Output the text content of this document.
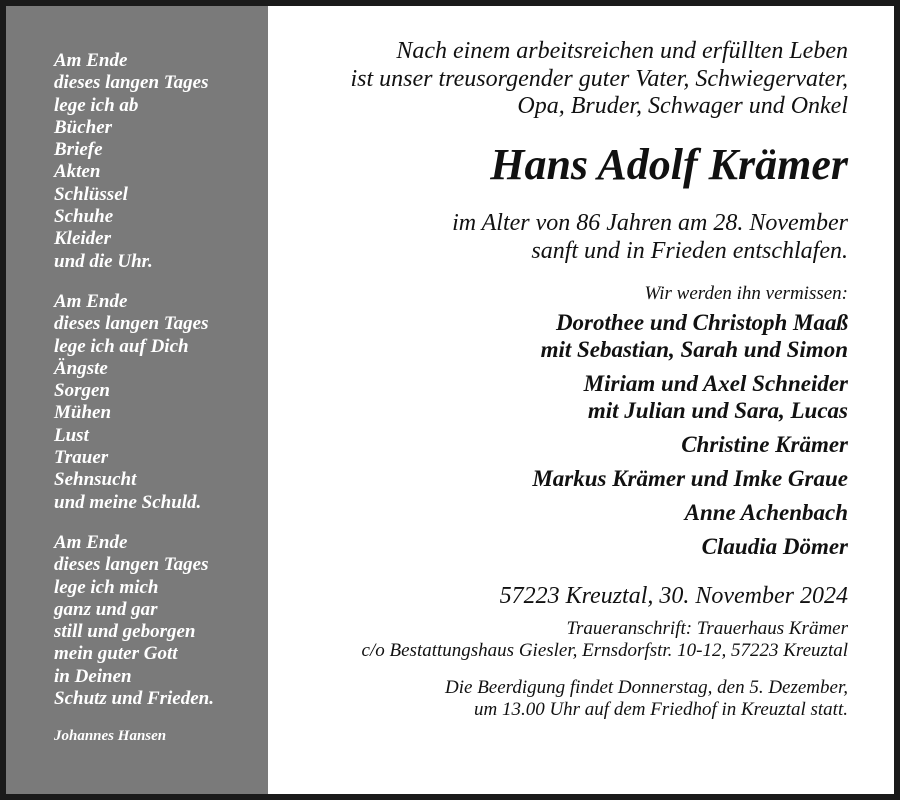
Am Ende
dieses langen Tages
lege ich ab
Bücher
Briefe
Akten
Schlüssel
Schuhe
Kleider
und die Uhr.
Am Ende
dieses langen Tages
lege ich auf Dich
Ängste
Sorgen
Mühen
Lust
Trauer
Sehnsucht
und meine Schuld.
Am Ende
dieses langen Tages
lege ich mich
ganz und gar
still und geborgen
mein guter Gott
in Deinen
Schutz und Frieden.
Johannes Hansen
Nach einem arbeitsreichen und erfüllten Leben
ist unser treusorgender guter Vater, Schwiegervater,
Opa, Bruder, Schwager und Onkel
Hans Adolf Krämer
im Alter von 86 Jahren am 28. November
sanft und in Frieden entschlafen.
Wir werden ihn vermissen:
Dorothee und Christoph Maaß
mit Sebastian, Sarah und Simon
Miriam und Axel Schneider
mit Julian und Sara, Lucas
Christine Krämer
Markus Krämer und Imke Graue
Anne Achenbach
Claudia Dömer
57223 Kreuztal, 30. November 2024
Traueranschrift: Trauerhaus Krämer
c/o Bestattungshaus Giesler, Ernsdorfstr. 10-12, 57223 Kreuztal
Die Beerdigung findet Donnerstag, den 5. Dezember,
um 13.00 Uhr auf dem Friedhof in Kreuztal statt.
